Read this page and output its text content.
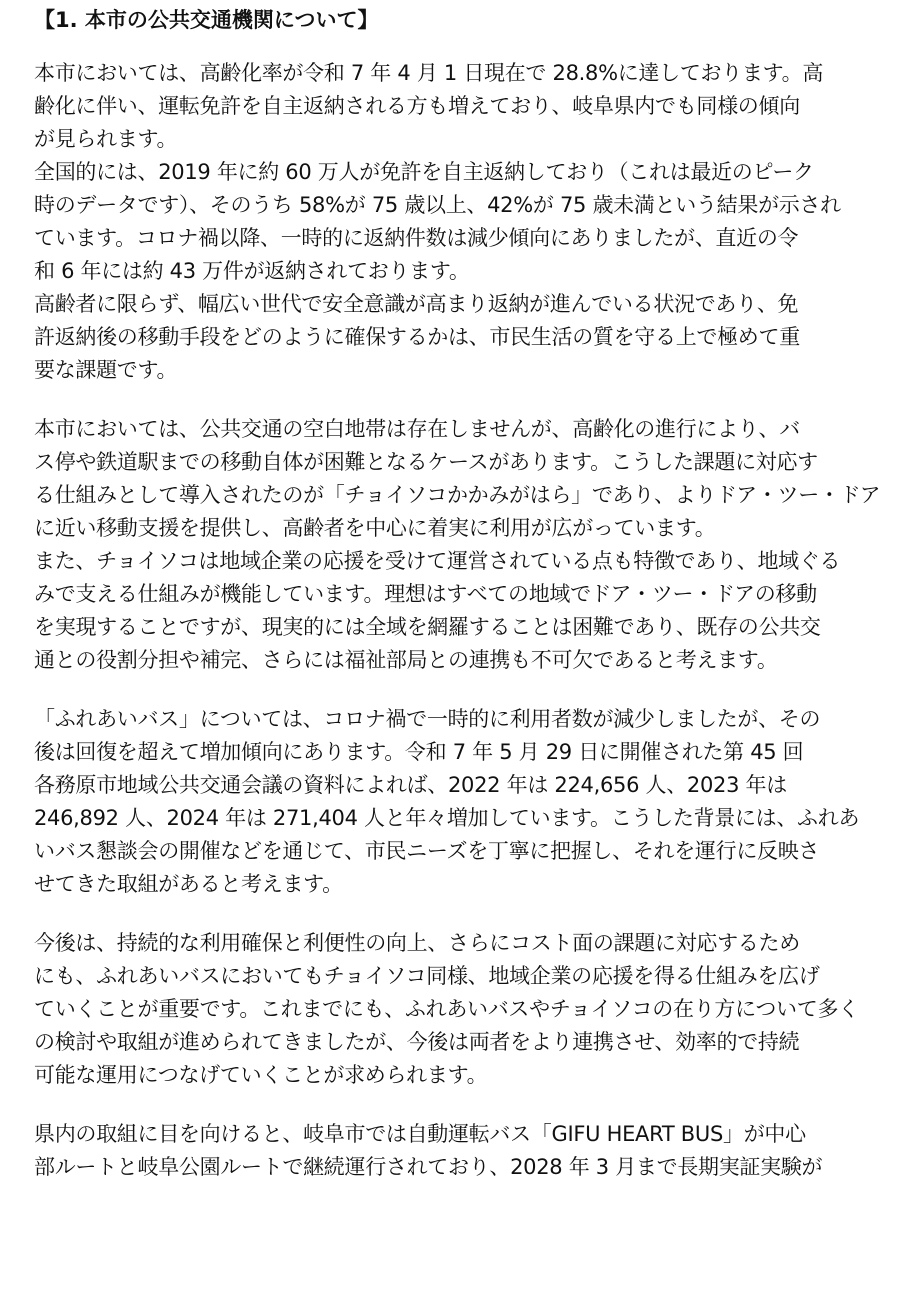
【1. 本市の公共交通機関について】
本市においては、高齢化率が令和 7 年 4 月 1 日現在で 28.8%に達しております。高
齢化に伴い、運転免許を自主返納される方も増えており、岐阜県内でも同様の傾向
が見られます。
全国的には、2019 年に約 60 万人が免許を自主返納しており（これは最近のピーク
時のデータです）、そのうち 58%が 75 歳以上、42%が 75 歳未満という結果が示され
ています。コロナ禍以降、一時的に返納件数は減少傾向にありましたが、直近の令
和 6 年には約 43 万件が返納されております。
高齢者に限らず、幅広い世代で安全意識が高まり返納が進んでいる状況であり、免
許返納後の移動手段をどのように確保するかは、市民生活の質を守る上で極めて重
要な課題です。
本市においては、公共交通の空白地帯は存在しませんが、高齢化の進行により、バ
ス停や鉄道駅までの移動自体が困難となるケースがあります。こうした課題に対応す
る仕組みとして導入されたのが「チョイソコかかみがはら」であり、よりドア・ツー・ドア
に近い移動支援を提供し、高齢者を中心に着実に利用が広がっています。
また、チョイソコは地域企業の応援を受けて運営されている点も特徴であり、地域ぐる
みで支える仕組みが機能しています。理想はすべての地域でドア・ツー・ドアの移動
を実現することですが、現実的には全域を網羅することは困難であり、既存の公共交
通との役割分担や補完、さらには福祉部局との連携も不可欠であると考えます。
「ふれあいバス」については、コロナ禍で一時的に利用者数が減少しましたが、その
後は回復を超えて増加傾向にあります。令和 7 年 5 月 29 日に開催された第 45 回
各務原市地域公共交通会議の資料によれば、2022 年は 224,656 人、2023 年は
246,892 人、2024 年は 271,404 人と年々増加しています。こうした背景には、ふれあ
いバス懇談会の開催などを通じて、市民ニーズを丁寧に把握し、それを運行に反映さ
せてきた取組があると考えます。
今後は、持続的な利用確保と利便性の向上、さらにコスト面の課題に対応するため
にも、ふれあいバスにおいてもチョイソコ同様、地域企業の応援を得る仕組みを広げ
ていくことが重要です。これまでにも、ふれあいバスやチョイソコの在り方について多く
の検討や取組が進められてきましたが、今後は両者をより連携させ、効率的で持続
可能な運用につなげていくことが求められます。
県内の取組に目を向けると、岐阜市では自動運転バス「GIFU HEART BUS」が中心
部ルートと岐阜公園ルートで継続運行されており、2028 年 3 月まで長期実証実験が
